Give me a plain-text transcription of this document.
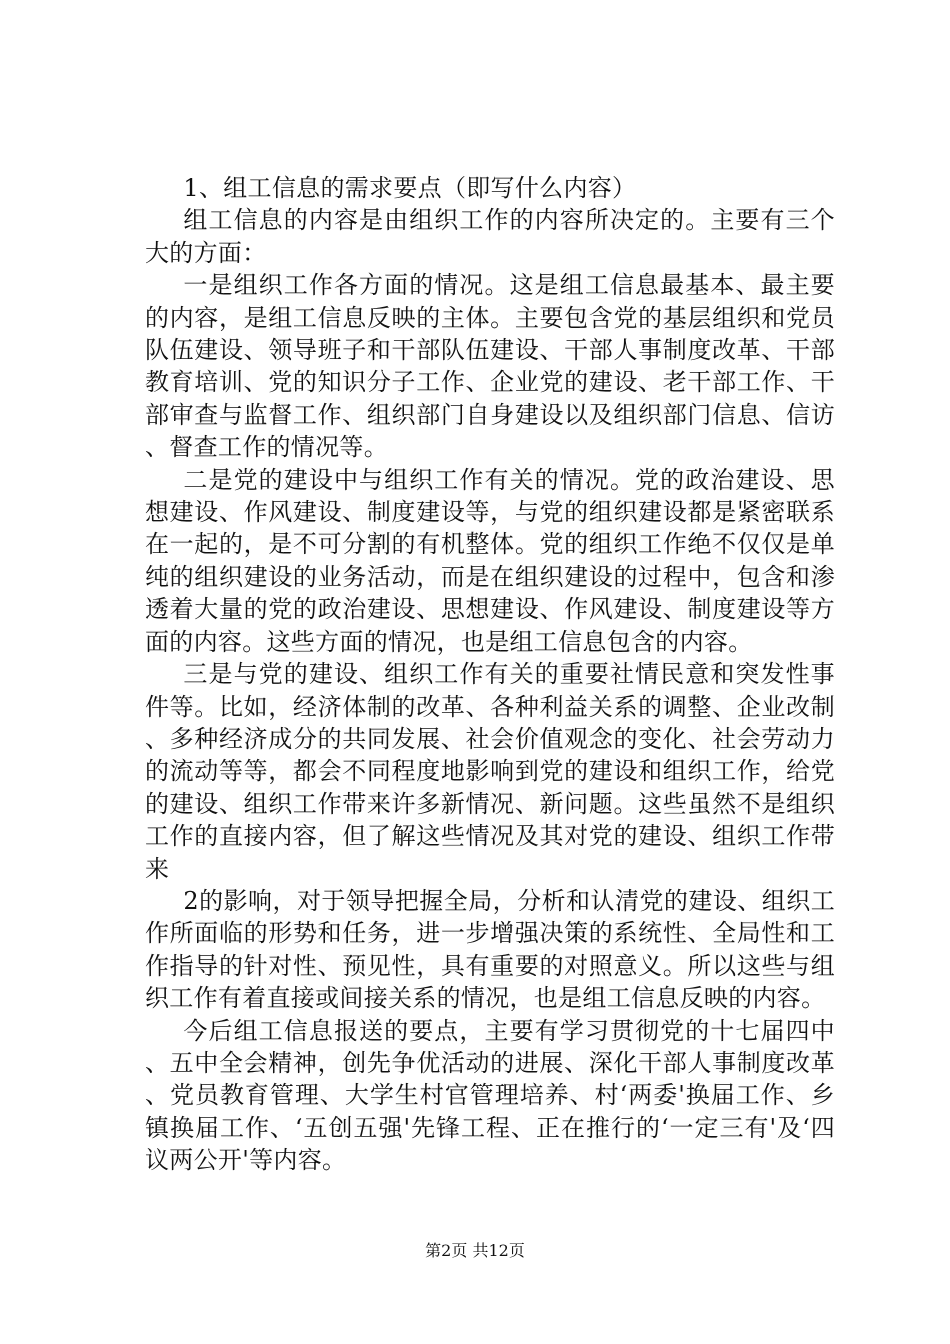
1、组工信息的需求要点（即写什么内容）

组工信息的内容是由组织工作的内容所决定的。主要有三个大的方面：

一是组织工作各方面的情况。这是组工信息最基本、最主要的内容，是组工信息反映的主体。主要包含党的基层组织和党员队伍建设、领导班子和干部队伍建设、干部人事制度改革、干部教育培训、党的知识分子工作、企业党的建设、老干部工作、干部审查与监督工作、组织部门自身建设以及组织部门信息、信访、督查工作的情况等。

二是党的建设中与组织工作有关的情况。党的政治建设、思想建设、作风建设、制度建设等，与党的组织建设都是紧密联系在一起的，是不可分割的有机整体。党的组织工作绝不仅仅是单纯的组织建设的业务活动，而是在组织建设的过程中，包含和渗透着大量的党的政治建设、思想建设、作风建设、制度建设等方面的内容。这些方面的情况，也是组工信息包含的内容。

三是与党的建设、组织工作有关的重要社情民意和突发性事件等。比如，经济体制的改革、各种利益关系的调整、企业改制、多种经济成分的共同发展、社会价值观念的变化、社会劳动力的流动等等，都会不同程度地影响到党的建设和组织工作，给党的建设、组织工作带来许多新情况、新问题。这些虽然不是组织工作的直接内容，但了解这些情况及其对党的建设、组织工作带来

2的影响，对于领导把握全局，分析和认清党的建设、组织工作所面临的形势和任务，进一步增强决策的系统性、全局性和工作指导的针对性、预见性，具有重要的对照意义。所以这些与组织工作有着直接或间接关系的情况，也是组工信息反映的内容。

今后组工信息报送的要点，主要有学习贯彻党的十七届四中、五中全会精神，创先争优活动的进展、深化干部人事制度改革、党员教育管理、大学生村官管理培养、村‘两委'换届工作、乡镇换届工作、‘五创五强'先锋工程、正在推行的‘一定三有'及‘四议两公开'等内容。

第2页 共12页
